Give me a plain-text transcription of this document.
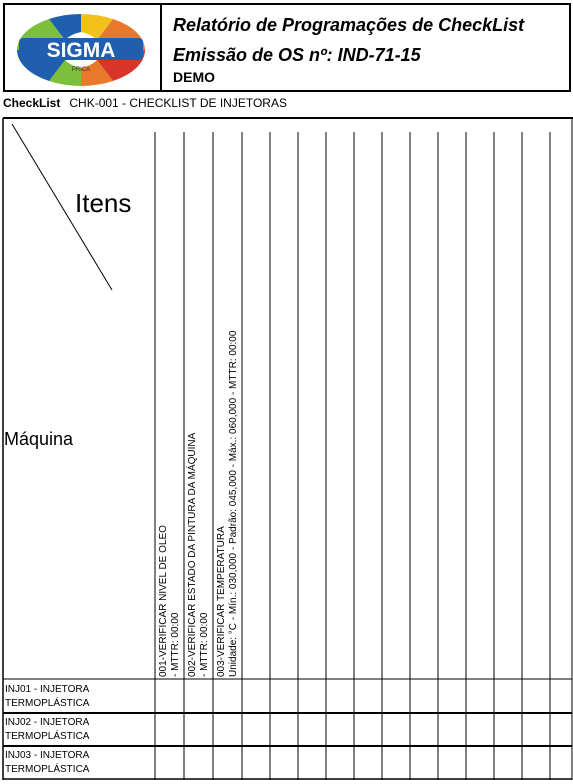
SIGMA
PRICA
Relatório de Programações de CheckList
Emissão de OS nº: IND-71-15
DEMO
CheckList CHK-001 - CHECKLIST DE INJETORAS
Itens
Máquina
001-VERIFICAR NIVEL DE OLEO - MTTR: 00:00 002-VERIFICAR ESTADO DA PINTURA DA MÁQUINA - MTTR: 00:00 003-VERIFICAR TEMPERATURA Unidade: °C - Mín.: 030,000 - Padrão: 045,000 - Máx.: 060,000 - MTTR: 00:00
INJ01 - INJETORA
TERMOPLÁSTICA
INJ02 - INJETORA
TERMOPLÁSTICA
INJ03 - INJETORA
TERMOPLÁSTICA
